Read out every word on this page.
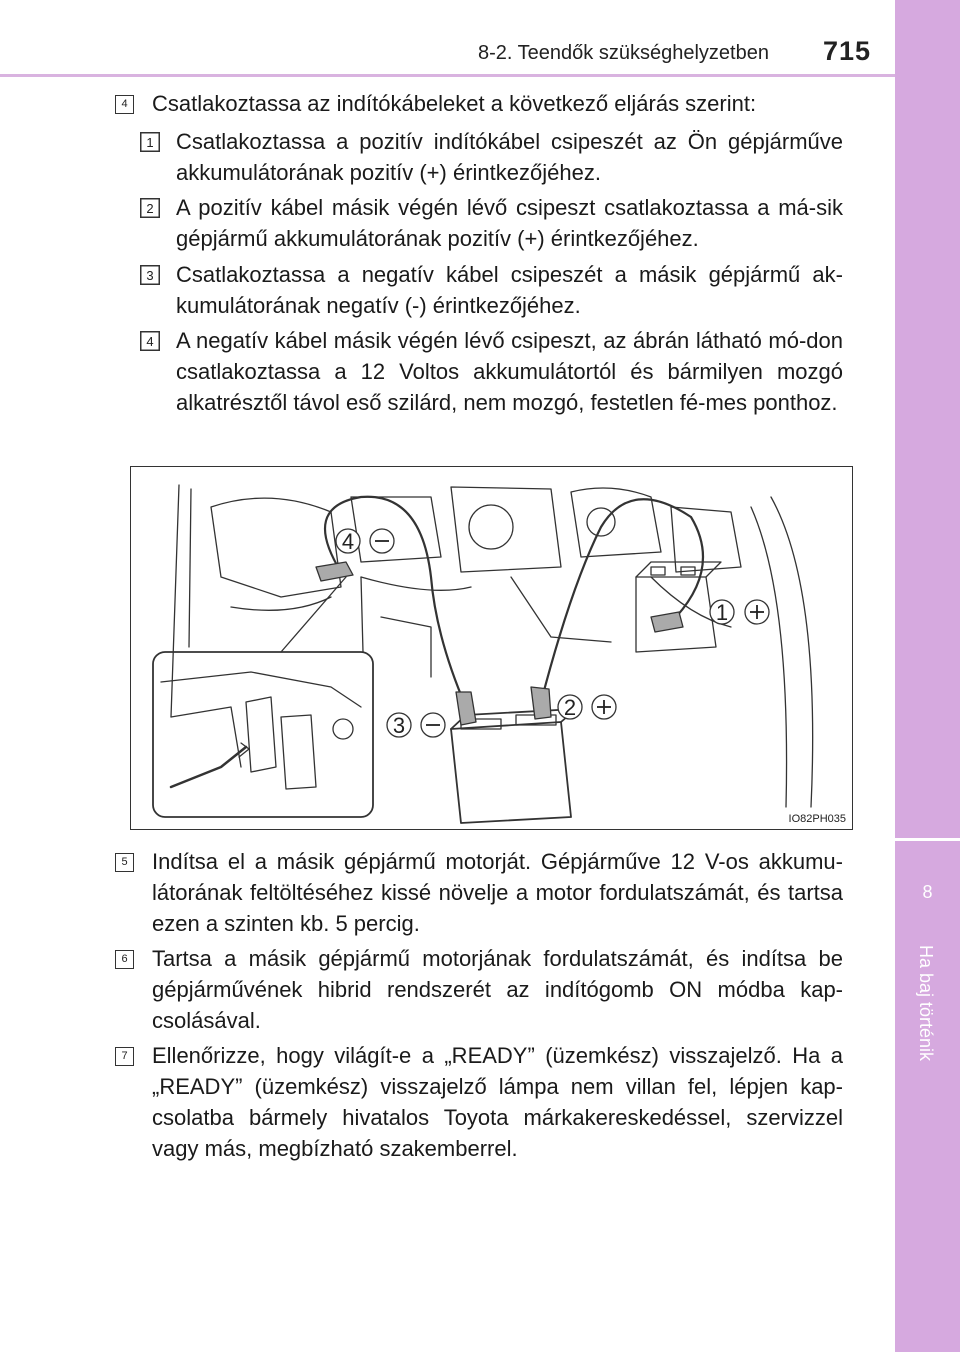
8-2. Teendők szükséghelyzetben 715
8
Ha baj történik
4 Csatlakoztassa az indítókábeleket a következő eljárás szerint:
1 Csatlakoztassa a pozitív indítókábel csipeszét az Ön gépjárműve akkumulátorának pozitív (+) érintkezőjéhez.
2 A pozitív kábel másik végén lévő csipeszt csatlakoztassa a má-sik gépjármű akkumulátorának pozitív (+) érintkezőjéhez.
3 Csatlakoztassa a negatív kábel csipeszét a másik gépjármű ak-kumulátorának negatív (-) érintkezőjéhez.
4 A negatív kábel másik végén lévő csipeszt, az ábrán látható mó-don csatlakoztassa a 12 Voltos akkumulátortól és bármilyen mozgó alkatrésztől távol eső szilárd, nem mozgó, festetlen fé-mes ponthoz.
4
1
2
3
IO82PH035
5 Indítsa el a másik gépjármű motorját. Gépjárműve 12 V-os akkumu-látorának feltöltéséhez kissé növelje a motor fordulatszámát, és tartsa ezen a szinten kb. 5 percig.
6 Tartsa a másik gépjármű motorjának fordulatszámát, és indítsa be gépjárművének hibrid rendszerét az indítógomb ON módba kap-csolásával.
7 Ellenőrizze, hogy világít-e a „READY” (üzemkész) visszajelző. Ha a „READY” (üzemkész) visszajelző lámpa nem villan fel, lépjen kap-csolatba bármely hivatalos Toyota márkakereskedéssel, szervizzel vagy más, megbízható szakemberrel.
